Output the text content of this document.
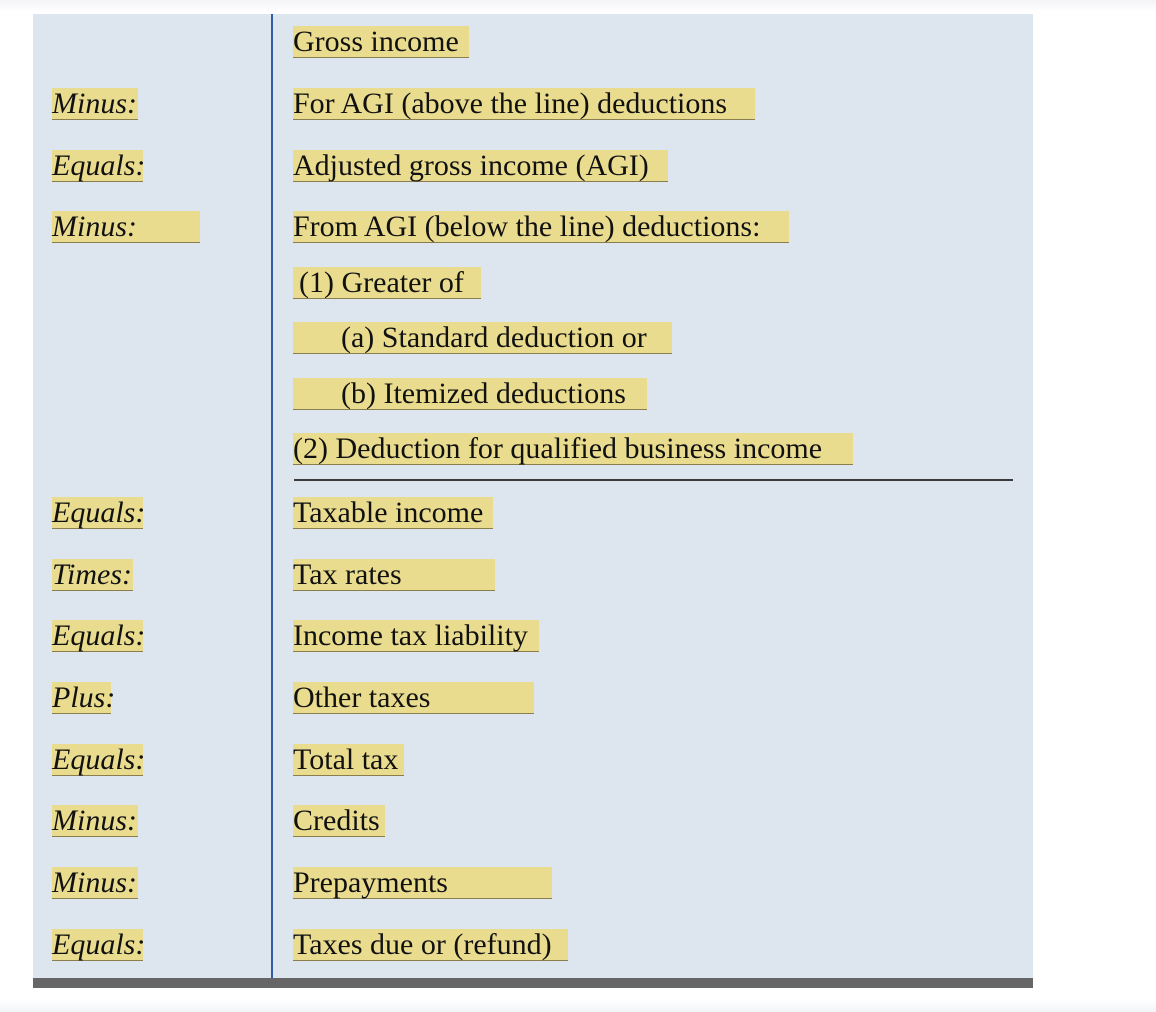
Gross income
Minus:	For AGI (above the line) deductions
Equals:	Adjusted gross income (AGI)
Minus:	From AGI (below the line) deductions:
(1) Greater of
(a) Standard deduction or
(b) Itemized deductions
(2) Deduction for qualified business income
Equals:	Taxable income
Times:	Tax rates
Equals:	Income tax liability
Plus:	Other taxes
Equals:	Total tax
Minus:	Credits
Minus:	Prepayments
Equals:	Taxes due or (refund)
